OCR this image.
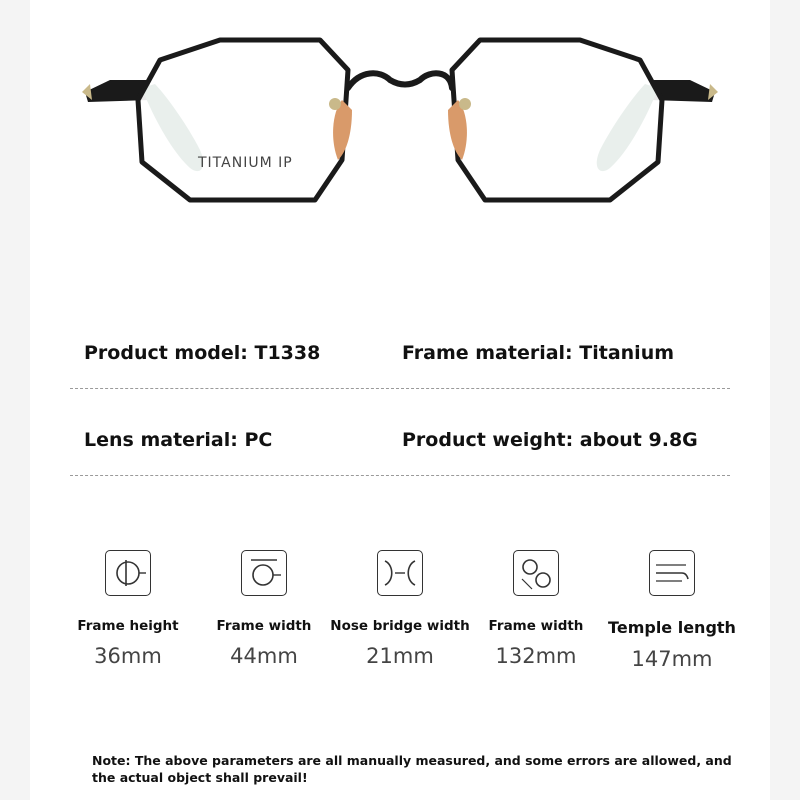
TITANIUM IP
Product model: T1338	Frame material: Titanium
Lens material: PC	Product weight: about 9.8G
Frame height
36mm
Frame width
44mm
Nose bridge width
21mm
Frame width
132mm
Temple length
147mm
Note: The above parameters are all manually measured, and some errors are allowed, and the actual object shall prevail!
